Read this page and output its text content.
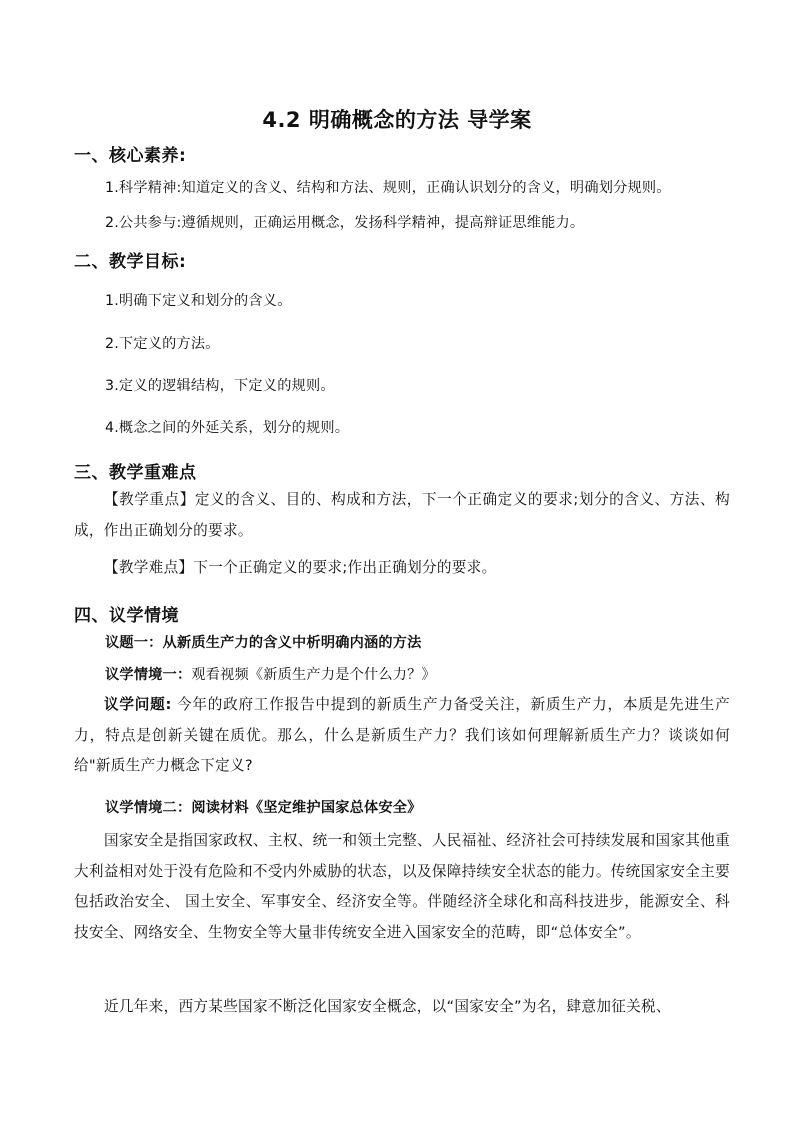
4.2 明确概念的方法 导学案
一、核心素养:
1.科学精神:知道定义的含义、结构和方法、规则，正确认识划分的含义，明确划分规则。
2.公共参与:遵循规则，正确运用概念，发扬科学精神，提高辩证思维能力。
二、教学目标:
1.明确下定义和划分的含义。
2.下定义的方法。
3.定义的逻辑结构，下定义的规则。
4.概念之间的外延关系，划分的规则。
三、教学重难点
【教学重点】定义的含义、目的、构成和方法，下一个正确定义的要求;划分的含义、方法、构成，作出正确划分的要求。
【教学难点】下一个正确定义的要求;作出正确划分的要求。
四、议学情境
议题一：从新质生产力的含义中析明确内涵的方法
议学情境一：观看视频《新质生产力是个什么力？》
议学问题: 今年的政府工作报告中提到的新质生产力备受关注，新质生产力，本质是先进生产力，特点是创新关键在质优。那么，什么是新质生产力？我们该如何理解新质生产力？谈谈如何给"新质生产力概念下定义?
议学情境二：阅读材料《坚定维护国家总体安全》
国家安全是指国家政权、主权、统一和领土完整、人民福祉、经济社会可持续发展和国家其他重大利益相对处于没有危险和不受内外威胁的状态，以及保障持续安全状态的能力。传统国家安全主要包括政治安全、 国土安全、军事安全、经济安全等。伴随经济全球化和高科技进步，能源安全、科技安全、网络安全、生物安全等大量非传统安全进入国家安全的范畴，即“总体安全”。
近几年来，西方某些国家不断泛化国家安全概念，以“国家安全”为名，肆意加征关税、
